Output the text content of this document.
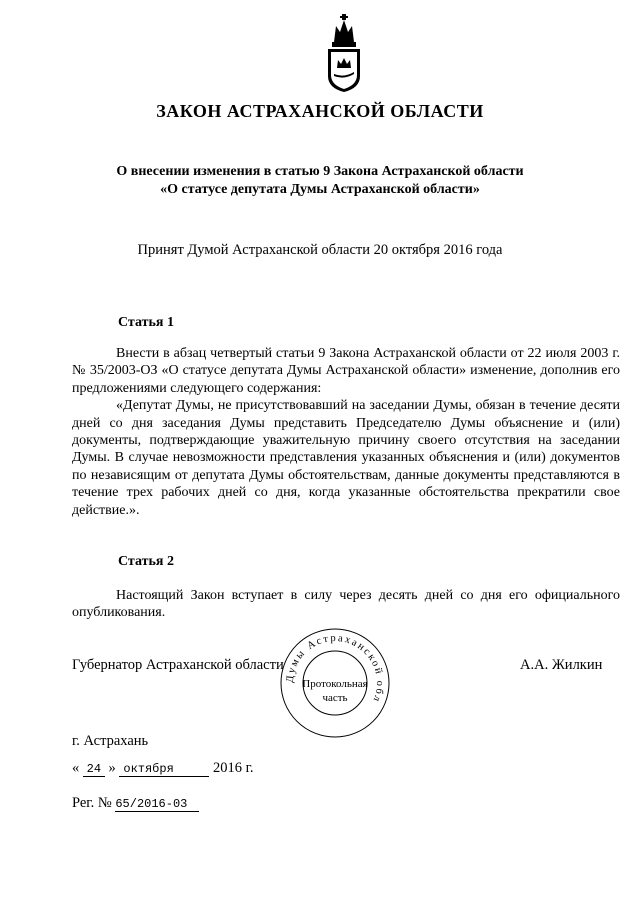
ЗАКОН АСТРАХАНСКОЙ ОБЛАСТИ
О внесении изменения в статью 9 Закона Астраханской области
«О статусе депутата Думы Астраханской области»
Принят Думой Астраханской области 20 октября 2016 года
Статья 1

Внести в абзац четвертый статьи 9 Закона Астраханской области от 22 июля 2003 г. № 35/2003-ОЗ «О статусе депутата Думы Астраханской области» изменение, дополнив его предложениями следующего содержания:

«Депутат Думы, не присутствовавший на заседании Думы, обязан в течение десяти дней со дня заседания Думы представить Председателю Думы объяснение и (или) документы, подтверждающие уважительную причину своего отсутствия на заседании Думы. В случае невозможности представления указанных объяснения и (или) документов по независящим от депутата Думы обстоятельствам, данные документы представляются в течение трех рабочих дней со дня, когда указанные обстоятельства прекратили свое действие.».

Статья 2

Настоящий Закон вступает в силу через десять дней со дня его официального опубликования.

Губернатор Астраханской области	А.А. Жилкин
Думы Астраханской обл
Протокольная
часть
г. Астрахань
« 24 » октября	2016 г.
Рег. № 65/2016-03
